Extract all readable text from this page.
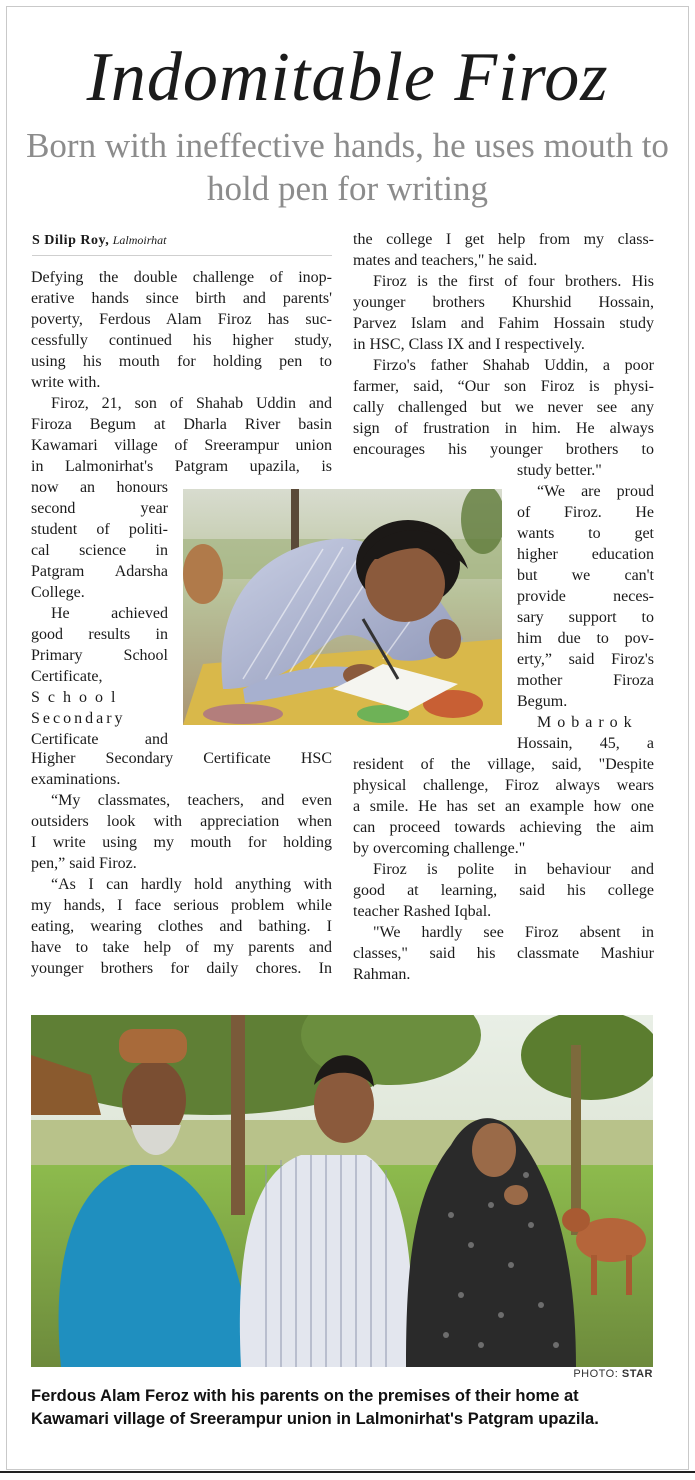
Indomitable Firoz
Born with ineffective hands, he uses mouth to hold pen for writing
S Dilip Roy, Lalmoirhat

Defying the double challenge of inop-

erative hands since birth and parents'

poverty, Ferdous Alam Firoz has suc-

cessfully continued his higher study,

using his mouth for holding pen to

write with.

Firoz, 21, son of Shahab Uddin and

Firoza Begum at Dharla River basin

Kawamari village of Sreerampur union

in Lalmonirhat's Patgram upazila, is

now an honours

second year

student of politi-

cal science in

Patgram Adarsha

College.

He achieved

good results in

Primary School

Certificate,

School

Secondary

Certificate and

Higher Secondary Certificate HSC

examinations.

“My classmates, teachers, and even

outsiders look with appreciation when

I write using my mouth for holding

pen,” said Firoz.

“As I can hardly hold anything with

my hands, I face serious problem while

eating, wearing clothes and bathing. I

have to take help of my parents and

younger brothers for daily chores. In

the college I get help from my class-

mates and teachers," he said.

Firoz is the first of four brothers. His

younger brothers Khurshid Hossain,

Parvez Islam and Fahim Hossain study

in HSC, Class IX and I respectively.

Firzo's father Shahab Uddin, a poor

farmer, said, “Our son Firoz is physi-

cally challenged but we never see any

sign of frustration in him. He always

encourages his younger brothers to

study better."

“We are proud

of Firoz. He

wants to get

higher education

but we can't

provide neces-

sary support to

him due to pov-

erty,” said Firoz's

mother Firoza

Begum.

Mobarok

Hossain, 45, a

resident of the village, said, "Despite

physical challenge, Firoz always wears

a smile. He has set an example how one

can proceed towards achieving the aim

by overcoming challenge."

Firoz is polite in behaviour and

good at learning, said his college

teacher Rashed Iqbal.

"We hardly see Firoz absent in

classes," said his classmate Mashiur

Rahman.

PHOTO: STAR
Ferdous Alam Feroz with his parents on the premises of their home at
Kawamari village of Sreerampur union in Lalmonirhat's Patgram upazila.
